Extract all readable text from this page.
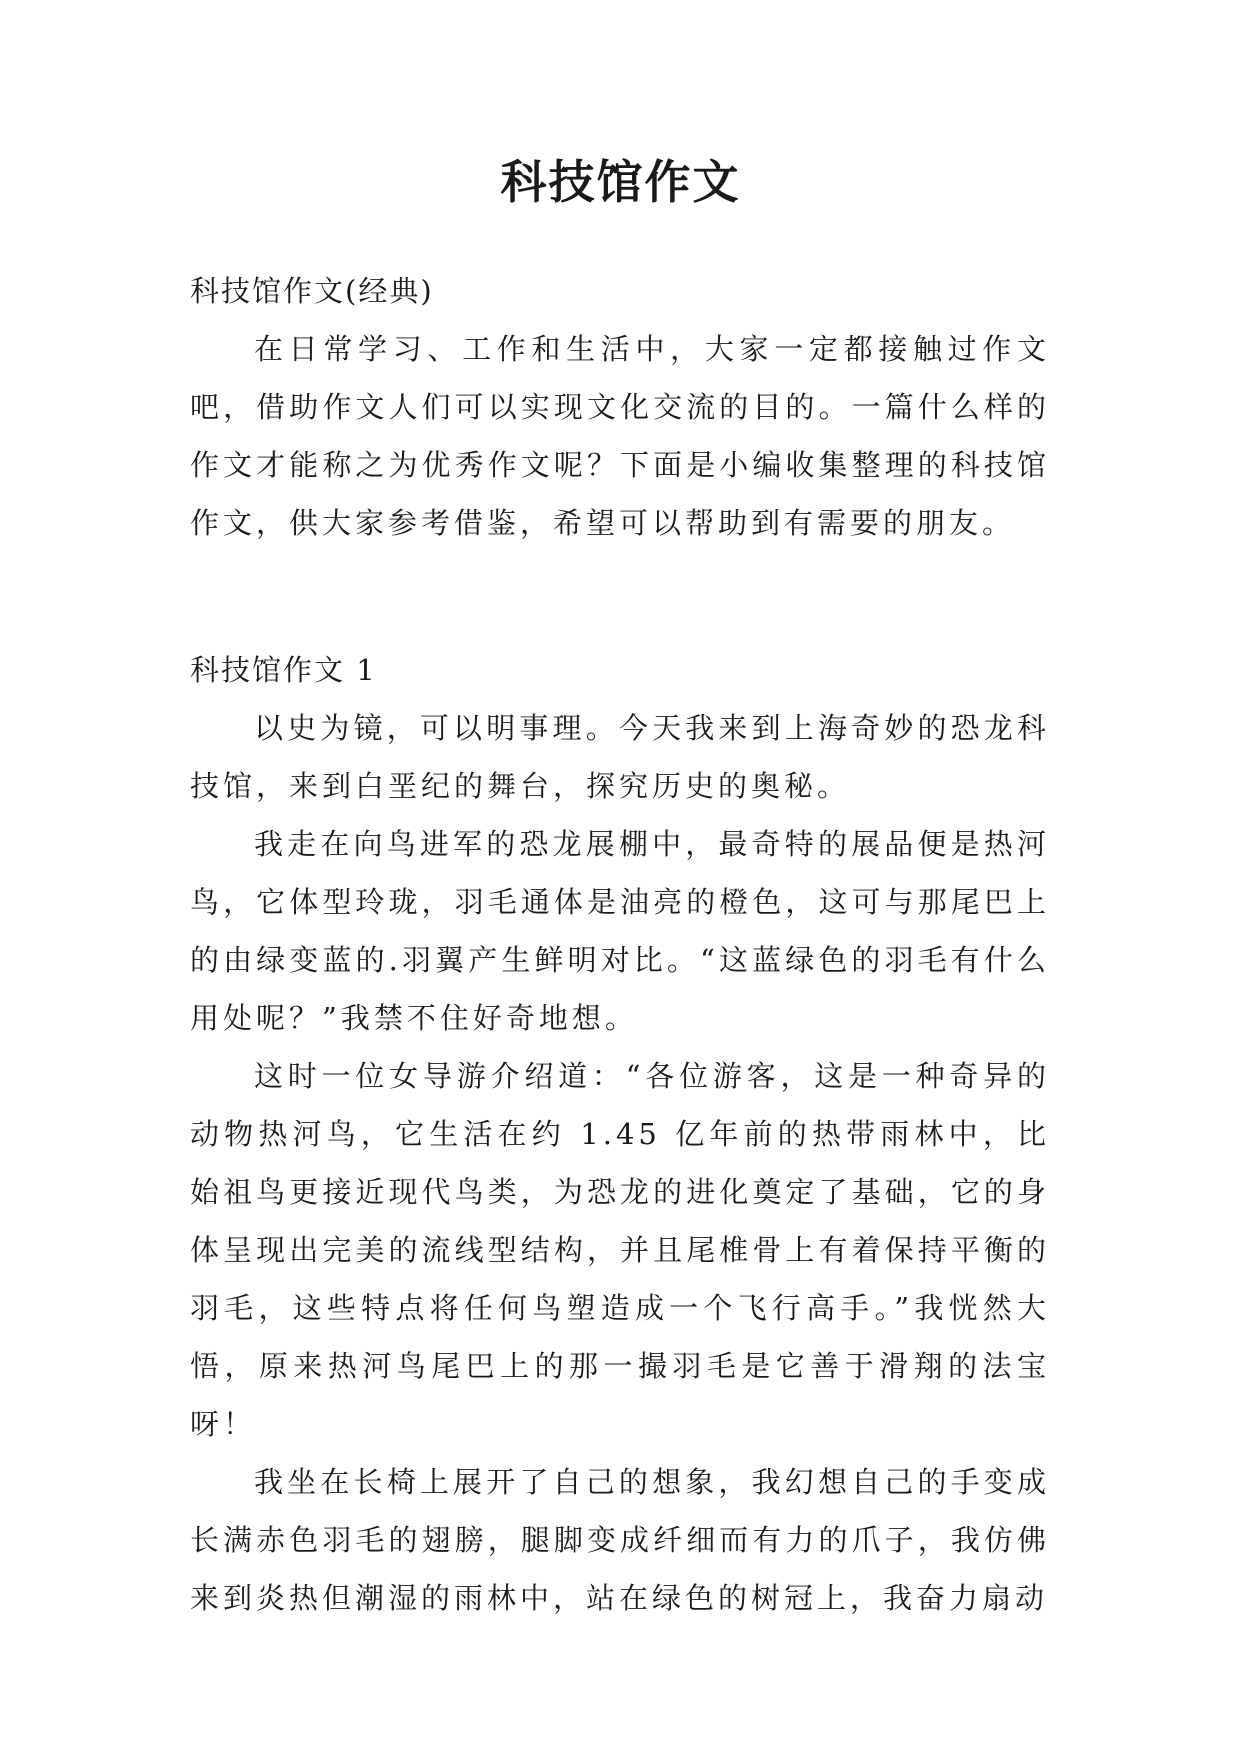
科技馆作文

科技馆作文(经典)

在日常学习、工作和生活中，大家一定都接触过作文吧，借助作文人们可以实现文化交流的目的。一篇什么样的作文才能称之为优秀作文呢？下面是小编收集整理的科技馆作文，供大家参考借鉴，希望可以帮助到有需要的朋友。

科技馆作文 1

以史为镜，可以明事理。今天我来到上海奇妙的恐龙科技馆，来到白垩纪的舞台，探究历史的奥秘。

我走在向鸟进军的恐龙展棚中，最奇特的展品便是热河鸟，它体型玲珑，羽毛通体是油亮的橙色，这可与那尾巴上的由绿变蓝的.羽翼产生鲜明对比。“这蓝绿色的羽毛有什么用处呢？”我禁不住好奇地想。

这时一位女导游介绍道：“各位游客，这是一种奇异的动物热河鸟，它生活在约 1.45 亿年前的热带雨林中，比始祖鸟更接近现代鸟类，为恐龙的进化奠定了基础，它的身体呈现出完美的流线型结构，并且尾椎骨上有着保持平衡的羽毛，这些特点将任何鸟塑造成一个飞行高手。”我恍然大悟，原来热河鸟尾巴上的那一撮羽毛是它善于滑翔的法宝呀！

我坐在长椅上展开了自己的想象，我幻想自己的手变成长满赤色羽毛的翅膀，腿脚变成纤细而有力的爪子，我仿佛来到炎热但潮湿的雨林中，站在绿色的树冠上，我奋力扇动
